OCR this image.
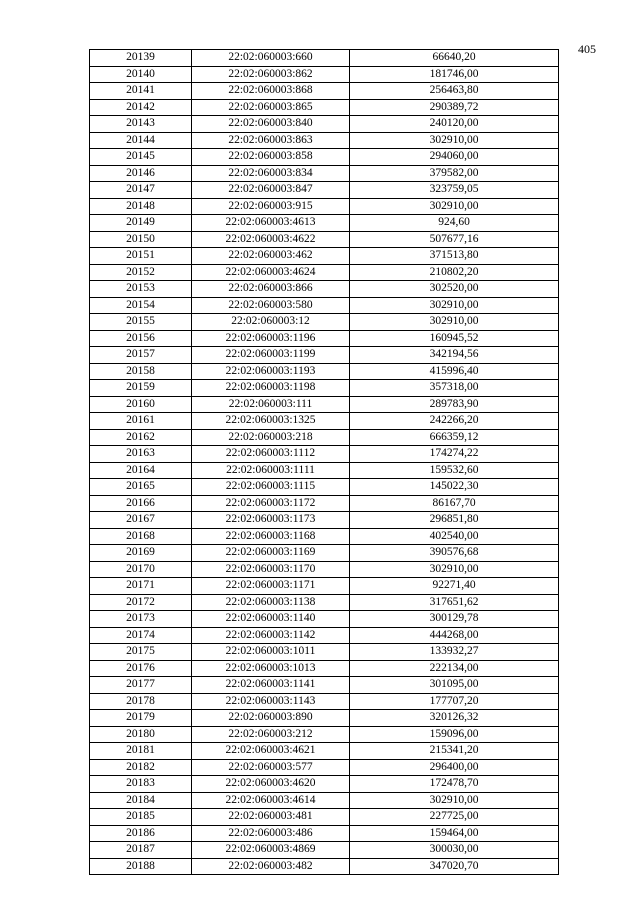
405
20139	22:02:060003:660	66640,20
20140	22:02:060003:862	181746,00
20141	22:02:060003:868	256463,80
20142	22:02:060003:865	290389,72
20143	22:02:060003:840	240120,00
20144	22:02:060003:863	302910,00
20145	22:02:060003:858	294060,00
20146	22:02:060003:834	379582,00
20147	22:02:060003:847	323759,05
20148	22:02:060003:915	302910,00
20149	22:02:060003:4613	924,60
20150	22:02:060003:4622	507677,16
20151	22:02:060003:462	371513,80
20152	22:02:060003:4624	210802,20
20153	22:02:060003:866	302520,00
20154	22:02:060003:580	302910,00
20155	22:02:060003:12	302910,00
20156	22:02:060003:1196	160945,52
20157	22:02:060003:1199	342194,56
20158	22:02:060003:1193	415996,40
20159	22:02:060003:1198	357318,00
20160	22:02:060003:111	289783,90
20161	22:02:060003:1325	242266,20
20162	22:02:060003:218	666359,12
20163	22:02:060003:1112	174274,22
20164	22:02:060003:1111	159532,60
20165	22:02:060003:1115	145022,30
20166	22:02:060003:1172	86167,70
20167	22:02:060003:1173	296851,80
20168	22:02:060003:1168	402540,00
20169	22:02:060003:1169	390576,68
20170	22:02:060003:1170	302910,00
20171	22:02:060003:1171	92271,40
20172	22:02:060003:1138	317651,62
20173	22:02:060003:1140	300129,78
20174	22:02:060003:1142	444268,00
20175	22:02:060003:1011	133932,27
20176	22:02:060003:1013	222134,00
20177	22:02:060003:1141	301095,00
20178	22:02:060003:1143	177707,20
20179	22:02:060003:890	320126,32
20180	22:02:060003:212	159096,00
20181	22:02:060003:4621	215341,20
20182	22:02:060003:577	296400,00
20183	22:02:060003:4620	172478,70
20184	22:02:060003:4614	302910,00
20185	22:02:060003:481	227725,00
20186	22:02:060003:486	159464,00
20187	22:02:060003:4869	300030,00
20188	22:02:060003:482	347020,70
